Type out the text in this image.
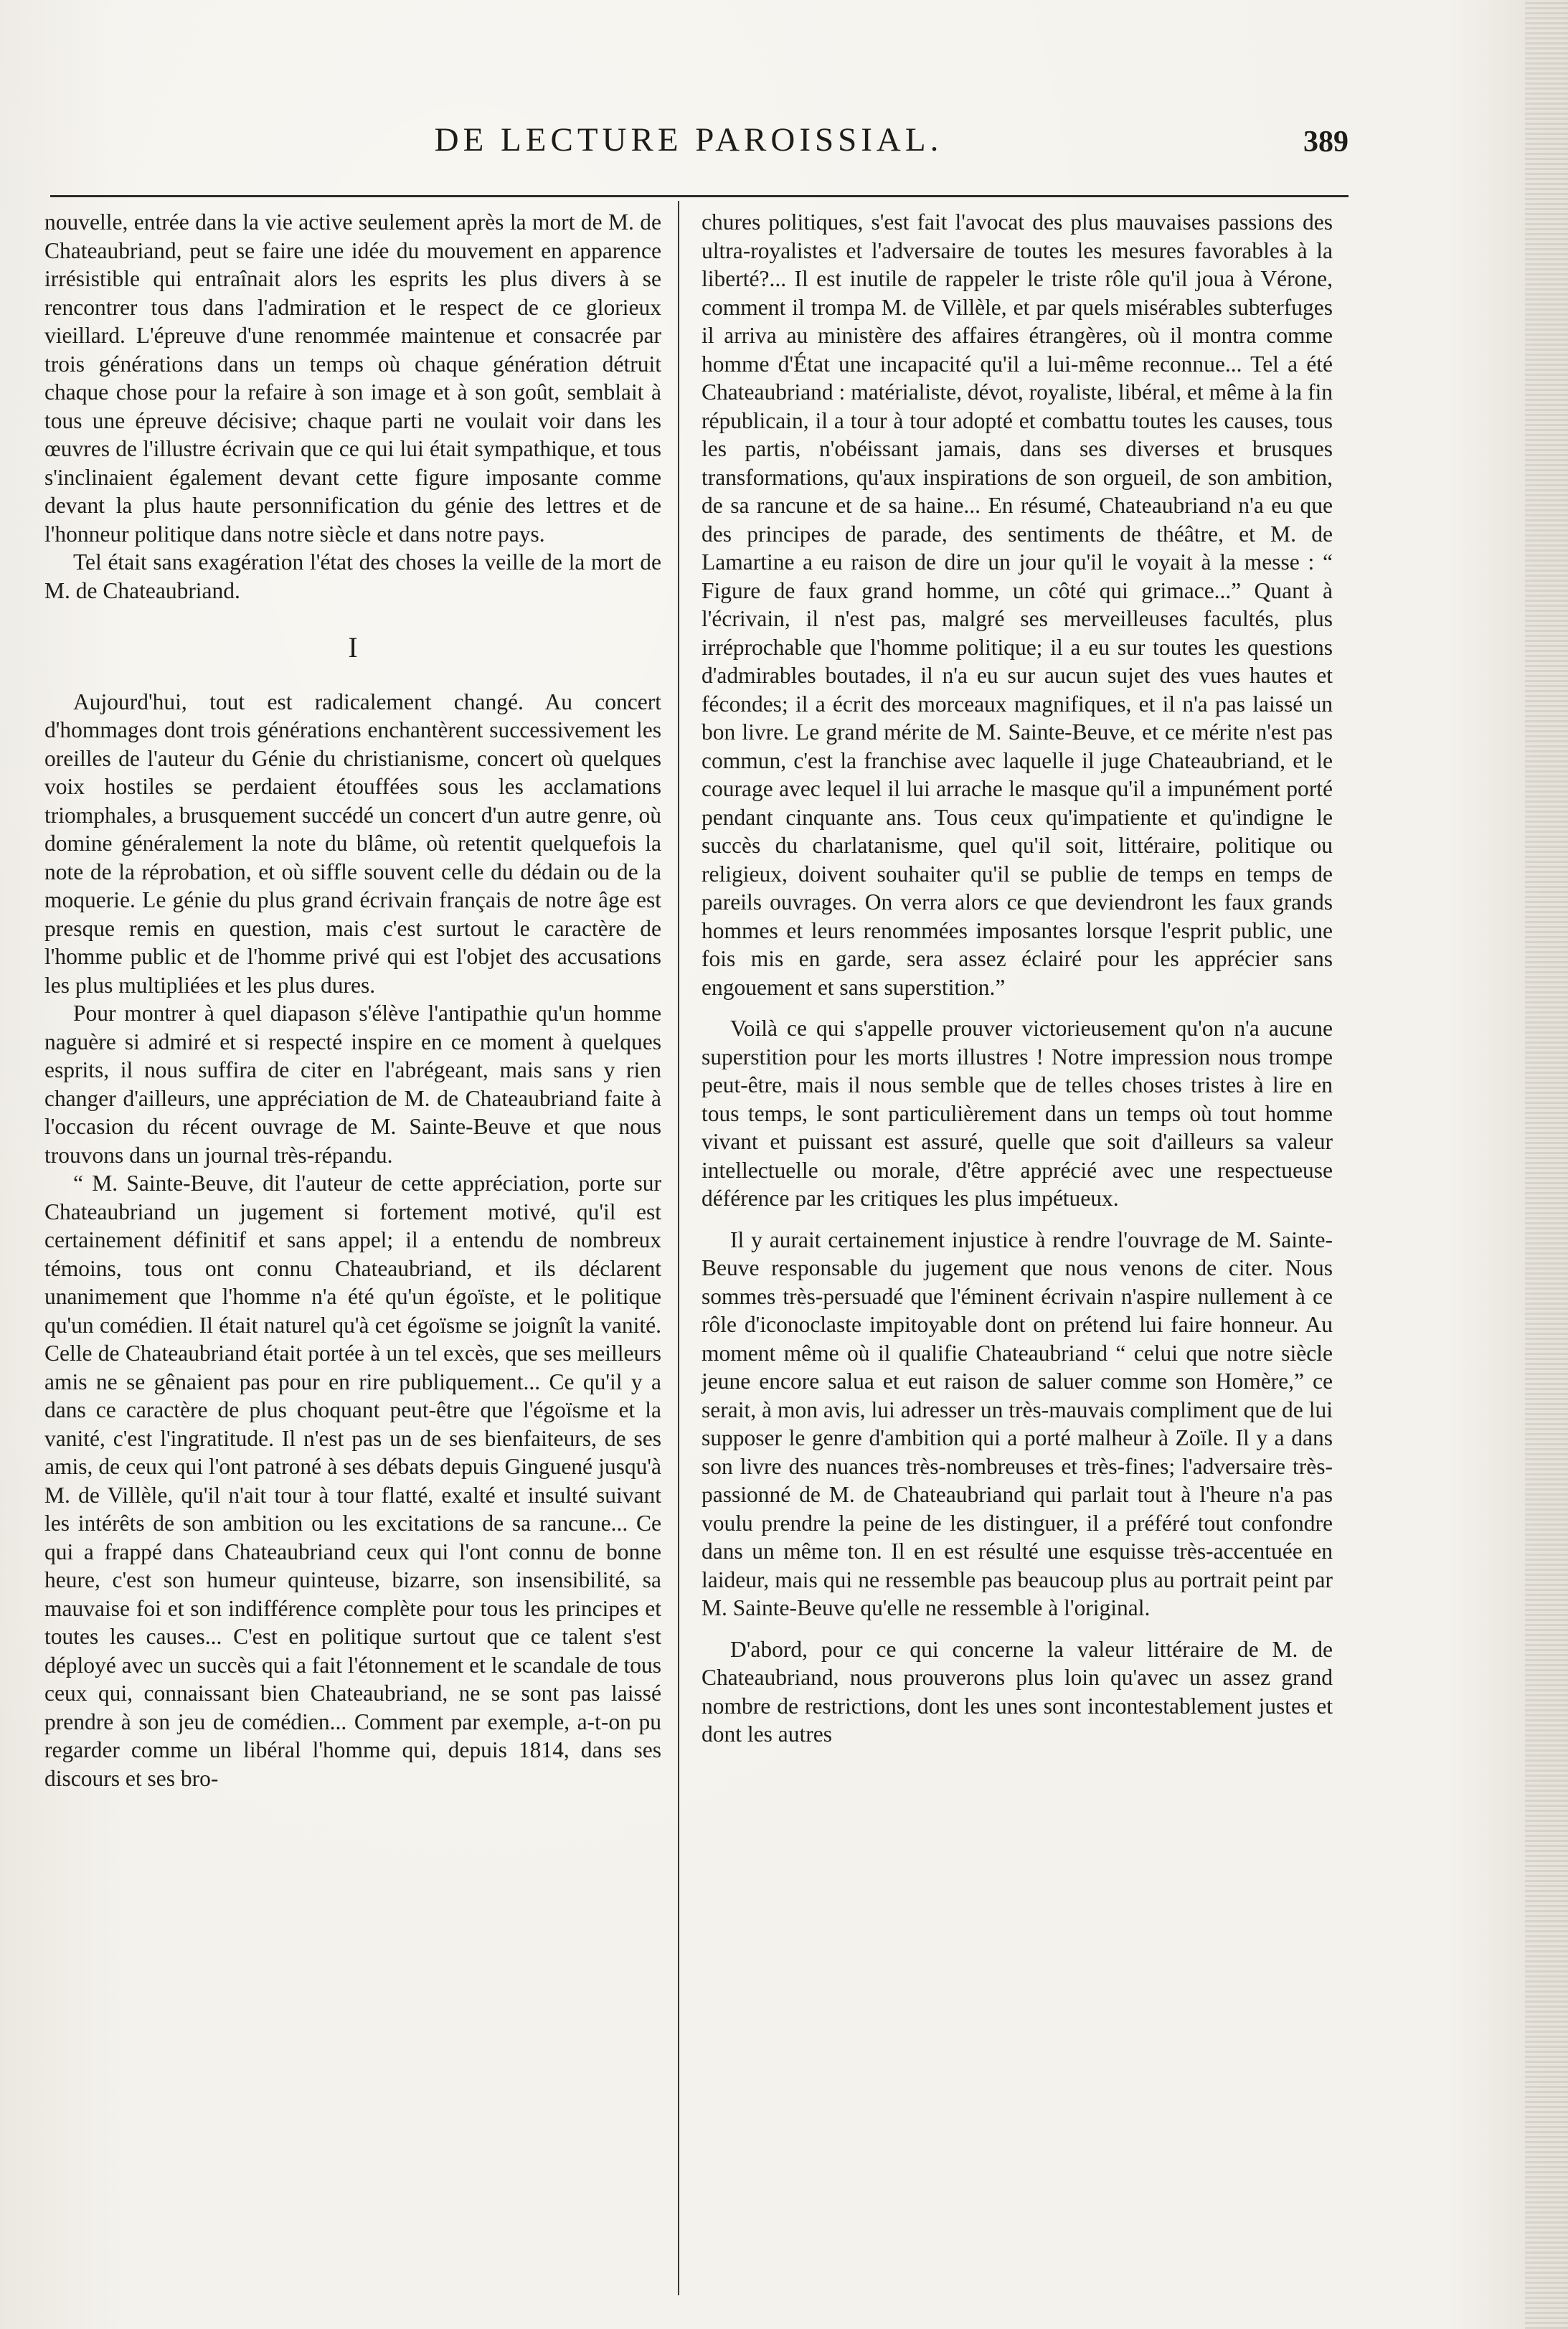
DE LECTURE PAROISSIAL.	389

nouvelle, entrée dans la vie active seulement après la mort de M. de Chateaubriand, peut se faire une idée du mouvement en apparence irrésistible qui entraînait alors les esprits les plus divers à se rencontrer tous dans l'admiration et le respect de ce glorieux vieillard. L'épreuve d'une renommée maintenue et consacrée par trois générations dans un temps où chaque génération détruit chaque chose pour la refaire à son image et à son goût, semblait à tous une épreuve décisive; chaque parti ne voulait voir dans les œuvres de l'illustre écrivain que ce qui lui était sympathique, et tous s'inclinaient également devant cette figure imposante comme devant la plus haute personnification du génie des lettres et de l'honneur politique dans notre siècle et dans notre pays.

Tel était sans exagération l'état des choses la veille de la mort de M. de Chateaubriand.

I

Aujourd'hui, tout est radicalement changé. Au concert d'hommages dont trois générations enchantèrent successivement les oreilles de l'auteur du Génie du christianisme, concert où quelques voix hostiles se perdaient étouffées sous les acclamations triomphales, a brusquement succédé un concert d'un autre genre, où domine généralement la note du blâme, où retentit quelquefois la note de la réprobation, et où siffle souvent celle du dédain ou de la moquerie. Le génie du plus grand écrivain français de notre âge est presque remis en question, mais c'est surtout le caractère de l'homme public et de l'homme privé qui est l'objet des accusations les plus multipliées et les plus dures.

Pour montrer à quel diapason s'élève l'antipathie qu'un homme naguère si admiré et si respecté inspire en ce moment à quelques esprits, il nous suffira de citer en l'abrégeant, mais sans y rien changer d'ailleurs, une appréciation de M. de Chateaubriand faite à l'occasion du récent ouvrage de M. Sainte-Beuve et que nous trouvons dans un journal très-répandu.

“ M. Sainte-Beuve, dit l'auteur de cette appréciation, porte sur Chateaubriand un jugement si fortement motivé, qu'il est certainement définitif et sans appel; il a entendu de nombreux témoins, tous ont connu Chateaubriand, et ils déclarent unanimement que l'homme n'a été qu'un égoïste, et le politique qu'un comédien. Il était naturel qu'à cet égoïsme se joignît la vanité. Celle de Chateaubriand était portée à un tel excès, que ses meilleurs amis ne se gênaient pas pour en rire publiquement... Ce qu'il y a dans ce caractère de plus choquant peut-être que l'égoïsme et la vanité, c'est l'ingratitude. Il n'est pas un de ses bienfaiteurs, de ses amis, de ceux qui l'ont patroné à ses débats depuis Ginguené jusqu'à M. de Villèle, qu'il n'ait tour à tour flatté, exalté et insulté suivant les intérêts de son ambition ou les excitations de sa rancune... Ce qui a frappé dans Chateaubriand ceux qui l'ont connu de bonne heure, c'est son humeur quinteuse, bizarre, son insensibilité, sa mauvaise foi et son indifférence complète pour tous les principes et toutes les causes... C'est en politique surtout que ce talent s'est déployé avec un succès qui a fait l'étonnement et le scandale de tous ceux qui, connaissant bien Chateaubriand, ne se sont pas laissé prendre à son jeu de comédien... Comment par exemple, a-t-on pu regarder comme un libéral l'homme qui, depuis 1814, dans ses discours et ses bro-

chures politiques, s'est fait l'avocat des plus mauvaises passions des ultra-royalistes et l'adversaire de toutes les mesures favorables à la liberté?... Il est inutile de rappeler le triste rôle qu'il joua à Vérone, comment il trompa M. de Villèle, et par quels misérables subterfuges il arriva au ministère des affaires étrangères, où il montra comme homme d'État une incapacité qu'il a lui-même reconnue... Tel a été Chateaubriand : matérialiste, dévot, royaliste, libéral, et même à la fin républicain, il a tour à tour adopté et combattu toutes les causes, tous les partis, n'obéissant jamais, dans ses diverses et brusques transformations, qu'aux inspirations de son orgueil, de son ambition, de sa rancune et de sa haine... En résumé, Chateaubriand n'a eu que des principes de parade, des sentiments de théâtre, et M. de Lamartine a eu raison de dire un jour qu'il le voyait à la messe : “ Figure de faux grand homme, un côté qui grimace...” Quant à l'écrivain, il n'est pas, malgré ses merveilleuses facultés, plus irréprochable que l'homme politique; il a eu sur toutes les questions d'admirables boutades, il n'a eu sur aucun sujet des vues hautes et fécondes; il a écrit des morceaux magnifiques, et il n'a pas laissé un bon livre. Le grand mérite de M. Sainte-Beuve, et ce mérite n'est pas commun, c'est la franchise avec laquelle il juge Chateaubriand, et le courage avec lequel il lui arrache le masque qu'il a impunément porté pendant cinquante ans. Tous ceux qu'impatiente et qu'indigne le succès du charlatanisme, quel qu'il soit, littéraire, politique ou religieux, doivent souhaiter qu'il se publie de temps en temps de pareils ouvrages. On verra alors ce que deviendront les faux grands hommes et leurs renommées imposantes lorsque l'esprit public, une fois mis en garde, sera assez éclairé pour les apprécier sans engouement et sans superstition.”

Voilà ce qui s'appelle prouver victorieusement qu'on n'a aucune superstition pour les morts illustres ! Notre impression nous trompe peut-être, mais il nous semble que de telles choses tristes à lire en tous temps, le sont particulièrement dans un temps où tout homme vivant et puissant est assuré, quelle que soit d'ailleurs sa valeur intellectuelle ou morale, d'être apprécié avec une respectueuse déférence par les critiques les plus impétueux.

Il y aurait certainement injustice à rendre l'ouvrage de M. Sainte-Beuve responsable du jugement que nous venons de citer. Nous sommes très-persuadé que l'éminent écrivain n'aspire nullement à ce rôle d'iconoclaste impitoyable dont on prétend lui faire honneur. Au moment même où il qualifie Chateaubriand “ celui que notre siècle jeune encore salua et eut raison de saluer comme son Homère,” ce serait, à mon avis, lui adresser un très-mauvais compliment que de lui supposer le genre d'ambition qui a porté malheur à Zoïle. Il y a dans son livre des nuances très-nombreuses et très-fines; l'adversaire très-passionné de M. de Chateaubriand qui parlait tout à l'heure n'a pas voulu prendre la peine de les distinguer, il a préféré tout confondre dans un même ton. Il en est résulté une esquisse très-accentuée en laideur, mais qui ne ressemble pas beaucoup plus au portrait peint par M. Sainte-Beuve qu'elle ne ressemble à l'original.

D'abord, pour ce qui concerne la valeur littéraire de M. de Chateaubriand, nous prouverons plus loin qu'avec un assez grand nombre de restrictions, dont les unes sont incontestablement justes et dont les autres
